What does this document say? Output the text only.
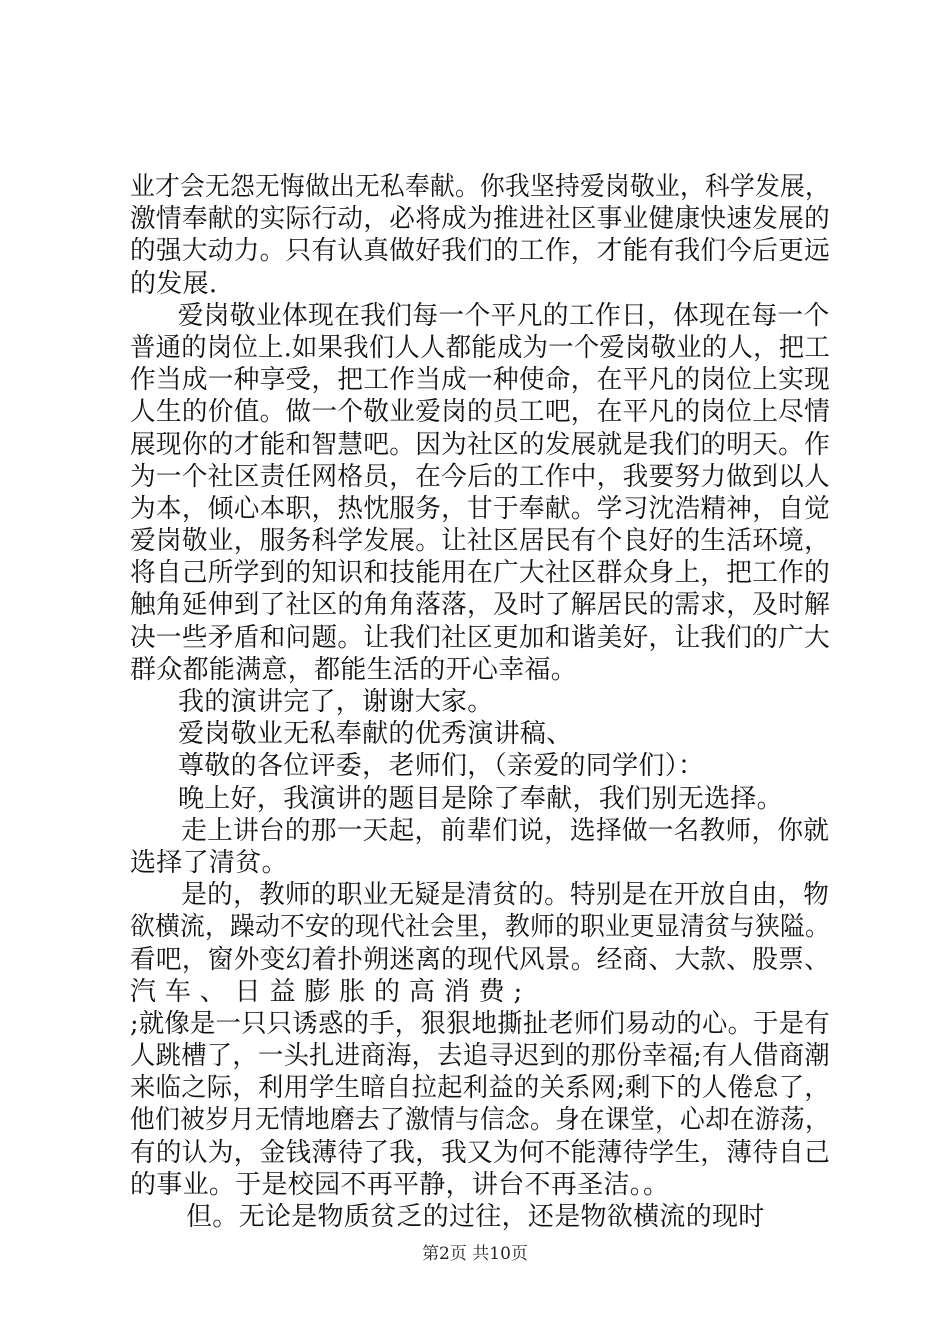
业才会无怨无悔做出无私奉献。你我坚持爱岗敬业，科学发展，
激情奉献的实际行动，必将成为推进社区事业健康快速发展的
的强大动力。只有认真做好我们的工作，才能有我们今后更远
的发展.
爱岗敬业体现在我们每一个平凡的工作日，体现在每一个
普通的岗位上.如果我们人人都能成为一个爱岗敬业的人，把工
作当成一种享受，把工作当成一种使命，在平凡的岗位上实现
人生的价值。做一个敬业爱岗的员工吧，在平凡的岗位上尽情
展现你的才能和智慧吧。因为社区的发展就是我们的明天。作
为一个社区责任网格员，在今后的工作中，我要努力做到以人
为本，倾心本职，热忱服务，甘于奉献。学习沈浩精神，自觉
爱岗敬业，服务科学发展。让社区居民有个良好的生活环境，
将自己所学到的知识和技能用在广大社区群众身上，把工作的
触角延伸到了社区的角角落落，及时了解居民的需求，及时解
决一些矛盾和问题。让我们社区更加和谐美好，让我们的广大
群众都能满意，都能生活的开心幸福。
我的演讲完了，谢谢大家。
爱岗敬业无私奉献的优秀演讲稿、
尊敬的各位评委，老师们，（亲爱的同学们）：
晚上好，我演讲的题目是除了奉献，我们别无选择。
走上讲台的那一天起，前辈们说，选择做一名教师，你就
选择了清贫。
是的，教师的职业无疑是清贫的。特别是在开放自由，物
欲横流，躁动不安的现代社会里，教师的职业更显清贫与狭隘。
看吧，窗外变幻着扑朔迷离的现代风景。经商、大款、股票、
汽 车 、 日 益 膨 胀 的 高 消 费 ;
;就像是一只只诱惑的手，狠狠地撕扯老师们易动的心。于是有
人跳槽了，一头扎进商海，去追寻迟到的那份幸福;有人借商潮
来临之际，利用学生暗自拉起利益的关系网;剩下的人倦怠了，
他们被岁月无情地磨去了激情与信念。身在课堂，心却在游荡，
有的认为，金钱薄待了我，我又为何不能薄待学生，薄待自己
的事业。于是校园不再平静，讲台不再圣洁。。
但。无论是物质贫乏的过往，还是物欲横流的现时
第2页 共10页
